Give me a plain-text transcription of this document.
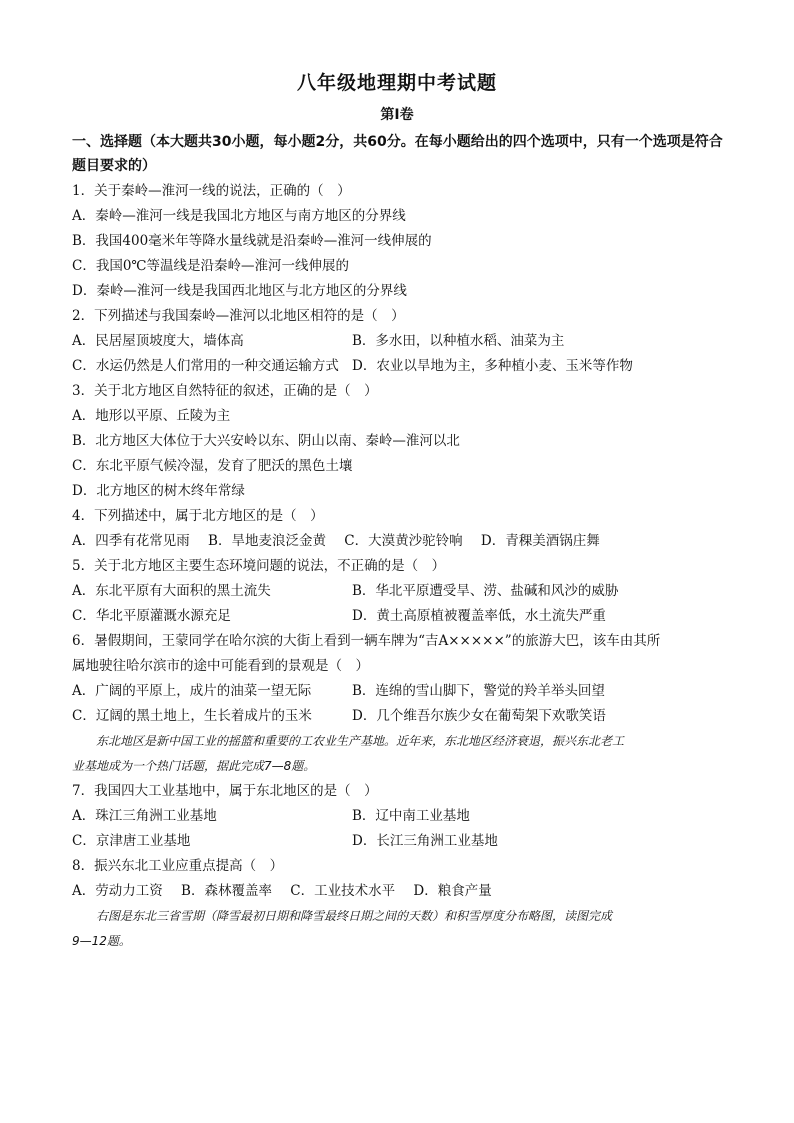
八年级地理期中考试题
第Ⅰ卷
一、选择题（本大题共30小题，每小题2分，共60分。在每小题给出的四个选项中，只有一个选项是符合题目要求的）
1．关于秦岭—淮河一线的说法，正确的（　）
A．秦岭—淮河一线是我国北方地区与南方地区的分界线
B．我国400毫米年等降水量线就是沿秦岭—淮河一线伸展的
C．我国0℃等温线是沿秦岭—淮河一线伸展的
D．秦岭—淮河一线是我国西北地区与北方地区的分界线
2．下列描述与我国秦岭—淮河以北地区相符的是（　）
A．民居屋顶坡度大，墙体高	B．多水田，以种植水稻、油菜为主
C．水运仍然是人们常用的一种交通运输方式 D．农业以旱地为主，多种植小麦、玉米等作物
3．关于北方地区自然特征的叙述，正确的是（　）
A．地形以平原、丘陵为主
B．北方地区大体位于大兴安岭以东、阴山以南、秦岭—淮河以北
C．东北平原气候冷湿，发育了肥沃的黑色土壤
D．北方地区的树木终年常绿
4．下列描述中，属于北方地区的是（　）
A．四季有花常见雨 B．旱地麦浪泛金黄 C．大漠黄沙驼铃响 D．青稞美酒锅庄舞
5．关于北方地区主要生态环境问题的说法，不正确的是（　）
A．东北平原有大面积的黑土流失	B．华北平原遭受旱、涝、盐碱和风沙的威胁
C．华北平原灌溉水源充足	D．黄土高原植被覆盖率低，水土流失严重
6．暑假期间，王蒙同学在哈尔滨的大街上看到一辆车牌为“吉A×××××”的旅游大巴，该车由其所
属地驶往哈尔滨市的途中可能看到的景观是（　）
A．广阔的平原上，成片的油菜一望无际	B．连绵的雪山脚下，警觉的羚羊举头回望
C．辽阔的黑土地上，生长着成片的玉米	D．几个维吾尔族少女在葡萄架下欢歌笑语
东北地区是新中国工业的摇篮和重要的工农业生产基地。近年来，东北地区经济衰退，振兴东北老工
业基地成为一个热门话题，据此完成7—8题。
7．我国四大工业基地中，属于东北地区的是（　）
A．珠江三角洲工业基地	B．辽中南工业基地
C．京津唐工业基地	D．长江三角洲工业基地
8．振兴东北工业应重点提高（　）
A．劳动力工资 B．森林覆盖率 C．工业技术水平 D．粮食产量
右图是东北三省雪期（降雪最初日期和降雪最终日期之间的天数）和积雪厚度分布略图，读图完成
9—12题。
